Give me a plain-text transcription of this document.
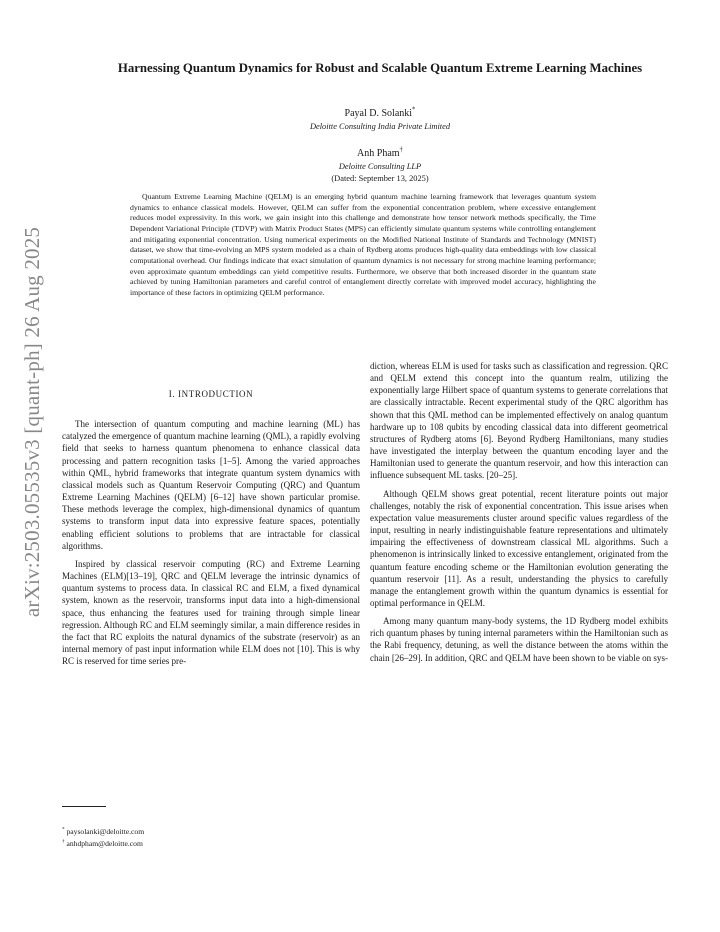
arXiv:2503.05535v3 [quant-ph] 26 Aug 2025
Harnessing Quantum Dynamics for Robust and Scalable Quantum Extreme Learning Machines
Payal D. Solanki*
Deloitte Consulting India Private Limited
Anh Pham†
Deloitte Consulting LLP
(Dated: September 13, 2025)

Quantum Extreme Learning Machine (QELM) is an emerging hybrid quantum machine learning framework that leverages quantum system dynamics to enhance classical models. However, QELM can suffer from the exponential concentration problem, where excessive entanglement reduces model expressivity. In this work, we gain insight into this challenge and demonstrate how tensor network methods specifically, the Time Dependent Variational Principle (TDVP) with Matrix Product States (MPS) can efficiently simulate quantum systems while controlling entanglement and mitigating exponential concentration. Using numerical experiments on the Modified National Institute of Standards and Technology (MNIST) dataset, we show that time-evolving an MPS system modeled as a chain of Rydberg atoms produces high-quality data embeddings with low classical computational overhead. Our findings indicate that exact simulation of quantum dynamics is not necessary for strong machine learning performance; even approximate quantum embeddings can yield competitive results. Furthermore, we observe that both increased disorder in the quantum state achieved by tuning Hamiltonian parameters and careful control of entanglement directly correlate with improved model accuracy, highlighting the importance of these factors in optimizing QELM performance.

I. INTRODUCTION

The intersection of quantum computing and machine learning (ML) has catalyzed the emergence of quantum machine learning (QML), a rapidly evolving field that seeks to harness quantum phenomena to enhance classical data processing and pattern recognition tasks [1–5]. Among the varied approaches within QML, hybrid frameworks that integrate quantum system dynamics with classical models such as Quantum Reservoir Computing (QRC) and Quantum Extreme Learning Machines (QELM) [6–12] have shown particular promise. These methods leverage the complex, high-dimensional dynamics of quantum systems to transform input data into expressive feature spaces, potentially enabling efficient solutions to problems that are intractable for classical algorithms.

Inspired by classical reservoir computing (RC) and Extreme Learning Machines (ELM)[13–19], QRC and QELM leverage the intrinsic dynamics of quantum systems to process data. In classical RC and ELM, a fixed dynamical system, known as the reservoir, transforms input data into a high-dimensional space, thus enhancing the features used for training through simple linear regression. Although RC and ELM seemingly similar, a main difference resides in the fact that RC exploits the natural dynamics of the substrate (reservoir) as an internal memory of past input information while ELM does not [10]. This is why RC is reserved for time series pre-

diction, whereas ELM is used for tasks such as classification and regression. QRC and QELM extend this concept into the quantum realm, utilizing the exponentially large Hilbert space of quantum systems to generate correlations that are classically intractable. Recent experimental study of the QRC algorithm has shown that this QML method can be implemented effectively on analog quantum hardware up to 108 qubits by encoding classical data into different geometrical structures of Rydberg atoms [6]. Beyond Rydberg Hamiltonians, many studies have investigated the interplay between the quantum encoding layer and the Hamiltonian used to generate the quantum reservoir, and how this interaction can influence subsequent ML tasks. [20–25].

Although QELM shows great potential, recent literature points out major challenges, notably the risk of exponential concentration. This issue arises when expectation value measurements cluster around specific values regardless of the input, resulting in nearly indistinguishable feature representations and ultimately impairing the effectiveness of downstream classical ML algorithms. Such a phenomenon is intrinsically linked to excessive entanglement, originated from the quantum feature encoding scheme or the Hamiltonian evolution generating the quantum reservoir [11]. As a result, understanding the physics to carefully manage the entanglement growth within the quantum dynamics is essential for optimal performance in QELM.

Among many quantum many-body systems, the 1D Rydberg model exhibits rich quantum phases by tuning internal parameters within the Hamiltonian such as the Rabi frequency, detuning, as well the distance between the atoms within the chain [26–29]. In addition, QRC and QELM have been shown to be viable on sys-

* paysolanki@deloitte.com
† anhdpham@deloitte.com
